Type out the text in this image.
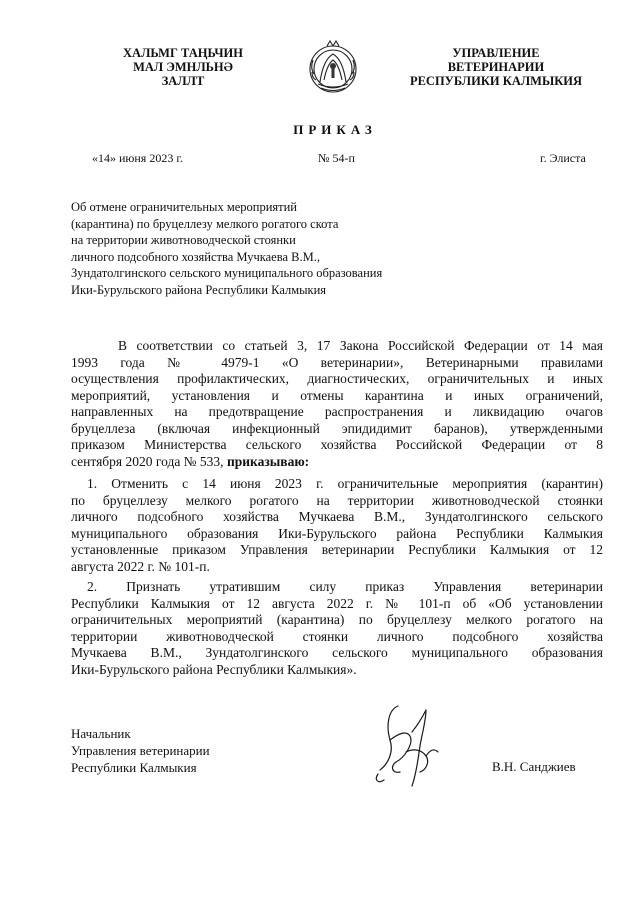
ХАЛЬМГ ТАҢЬЧИН
МАЛ ЭМНЛЬНӘ
ЗАЛЛТ
УПРАВЛЕНИЕ
ВЕТЕРИНАРИИ
РЕСПУБЛИКИ КАЛМЫКИЯ
ПРИКАЗ
«14» июня 2023 г.	№ 54-п	г. Элиста
Об отмене ограничительных мероприятий
(карантина) по бруцеллезу мелкого рогатого скота
на территории животноводческой стоянки
личного подсобного хозяйства Мучкаева В.М.,
Зундатолгинского сельского муниципального образования
Ики-Бурульского района Республики Калмыкия
В соответствии со статьей 3, 17 Закона Российской Федерации от 14 мая
1993 года № 4979-1 «О ветеринарии», Ветеринарными правилами
осуществления профилактических, диагностических, ограничительных и иных
мероприятий, установления и отмены карантина и иных ограничений,
направленных на предотвращение распространения и ликвидацию очагов
бруцеллеза (включая инфекционный эпидидимит баранов), утвержденными
приказом Министерства сельского хозяйства Российской Федерации от 8
сентября 2020 года № 533, приказываю:
1. Отменить с 14 июня 2023 г. ограничительные мероприятия (карантин)
по бруцеллезу мелкого рогатого на территории животноводческой стоянки
личного подсобного хозяйства Мучкаева В.М., Зундатолгинского сельского
муниципального образования Ики-Бурульского района Республики Калмыкия
установленные приказом Управления ветеринарии Республики Калмыкия от 12
августа 2022 г. № 101-п.
2. Признать утратившим силу приказ Управления ветеринарии
Республики Калмыкия от 12 августа 2022 г. № 101-п об «Об установлении
ограничительных мероприятий (карантина) по бруцеллезу мелкого рогатого на
территории животноводческой стоянки личного подсобного хозяйства
Мучкаева В.М., Зундатолгинского сельского муниципального образования
Ики-Бурульского района Республики Калмыкия».
Начальник
Управления ветеринарии
Республики Калмыкия	В.Н. Санджиев
